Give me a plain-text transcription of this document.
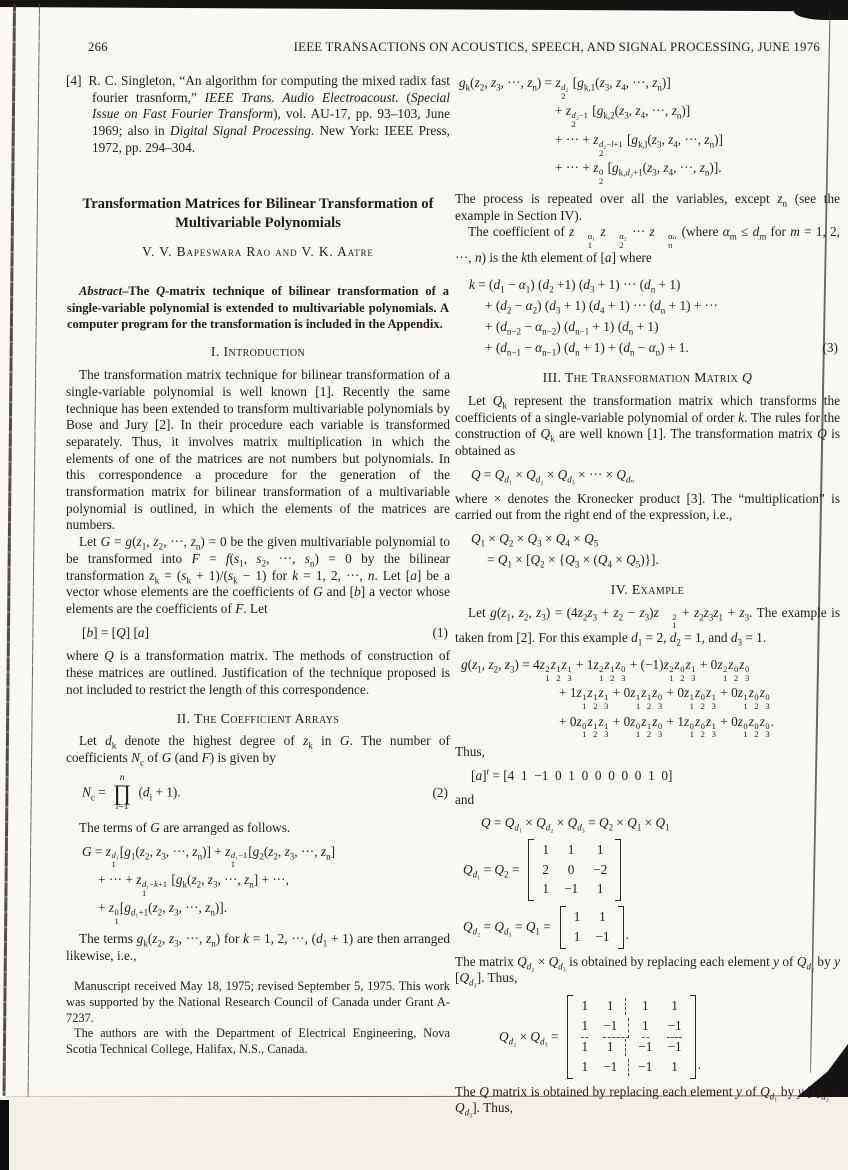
266	IEEE TRANSACTIONS ON ACOUSTICS, SPEECH, AND SIGNAL PROCESSING, JUNE 1976

[4] R. C. Singleton, “An algorithm for computing the mixed radix fast fourier trasnform,” IEEE Trans. Audio Electroacoust. (Special Issue on Fast Fourier Transform), vol. AU-17, pp. 93–103, June 1969; also in Digital Signal Processing. New York: IEEE Press, 1972, pp. 294–304.

Transformation Matrices for Bilinear Transformation of Multivariable Polynomials
V. V. Bapeswara Rao and V. K. Aatre

Abstract–The Q-matrix technique of bilinear transformation of a single-variable polynomial is extended to multivariable polynomials. A computer program for the transformation is included in the Appendix.

I. Introduction

The transformation matrix technique for bilinear transformation of a single-variable polynomial is well known [1]. Recently the same technique has been extended to transform multivariable polynomials by Bose and Jury [2]. In their procedure each variable is transformed separately. Thus, it involves matrix multiplication in which the elements of one of the matrices are not numbers but polynomials. In this correspondence a procedure for the generation of the transformation matrix for bilinear transformation of a multivariable polynomial is outlined, in which the elements of the matrices are numbers.

Let $G = g(z_1$, $z_2$, ···, $z_n) = 0$ be the given multivariable polynomial to be transformed into $F = f(s_1$, $s_2$, ···, $s_n) = 0$ by the bilinear transformation $z_k = (s_k + 1)/(s_k - 1)$ for k = 1, 2, ···, n. Let [a] be a vector whose elements are the coefficients of G and [b] a vector whose elements are the coefficients of F. Let

[b] = [Q] [a]	(1)

where Q is a transformation matrix. The methods of construction of these matrices are outlined. Justification of the technique proposed is not included to restrict the length of this correspondence.

II. The Coefficient Arrays

Let $d_k$ denote the highest degree of $z_k$ in G. The number of coefficients $N_c$ of G (and F) is given by

$N_c$ =
n
∏
i=1
$(d_i + 1)$.	(2)

The terms of G are arranged as follows.

G = z d₁
1
[$g_1(z_2$, $z_3$, ···, $z_n)] + z$ d₁−1
1
[$g_2(z_2$, $z_3$, ···, $z_n$]
+ ··· + z d₁−k+1
1
[$g_k(z_2$, $z_3$, ···, $z_n$] + ···,
+ z 0
1
[$g_{d_1+1}(z_2$, $z_3$, ···, $z_n$)].

The terms $g_k(z_2$, $z_3$, ···, $z_n$) for k = 1, 2, ···, $(d_1 + 1)$ are then arranged likewise, i.e.,

Manuscript received May 18, 1975; revised September 5, 1975. This work was supported by the National Research Council of Canada under Grant A-7237.

The authors are with the Department of Electrical Engineering, Nova Scotia Technical College, Halifax, N.S., Canada.

$g_k(z_2$, $z_3$, ···, $z_n) = z$ d₂
2
[$g_{k,1}(z_3$, $z_4$, ···, $z_n$)]
+ z d₂−1
2
[$g_{k,2}(z_3$, $z_4$, ···, $z_n$)]
+ ··· + z d₂−l+1
2
[$g_{k,l}(z_3$, $z_4$, ···, $z_n$)]
+ ··· + z 0
2
[$g_{k,d_2+1}(z_3$, $z_4$, ···, $z_n$)].

The process is repeated over all the variables, except $z_n$ (see the example in Section IV).

The coefficient of z	α₁
1
z	α₂
2
··· z	αₙ
n
(where $\alpha_m \le d_m$ for m = 1, 2, ···, n) is the kth element of [a] where

$k = (d_1 - \alpha_1)$ $(d_2 +1) (d_3 + 1)$ ··· $(d_n + 1)$
+ $(d_2 - \alpha_2) (d_3 + 1) (d_4 + 1)$ ··· $(d_n + 1)$ + ···
+ $(d_{n-2} - \alpha_{n-2}) (d_{n-1} + 1) (d_n + 1)$
+ $(d_{n-1} - \alpha_{n-1}) (d_n + 1) + (d_n - \alpha_n) + 1$.	(3)
III. The Transformation Matrix Q

Let $Q_k$ represent the transformation matrix which transforms the coefficients of a single-variable polynomial of order k. The rules for the construction of $Q_k$ are well known [1]. The transformation matrix Q is obtained as

$Q = Q_{d_1} \times Q_{d_2} \times Q_{d_3}$ × ··· × $Q_{d_n}$

where × denotes the Kronecker product [3]. The “multiplication” is carried out from the right end of the expression, i.e.,

$Q_1 \times Q_2 \times Q_3 \times Q_4 \times Q_5$
= $Q_1 \times [Q_2 \times \{Q_3 \times (Q_4 \times Q_5)\}]$.
IV. Example

Let $g(z_1$, $z_2$, $z_3) = (4z_2z_3 + z_2 - z_3)z$	2
1
+ $z_2z_3z_1 + z_3$. The example is taken from [2]. For this example $d_1 = 2$, $d_2 = 1$, and $d_3 = 1$.

$g(z_1$, $z_2$, $z_3) = 4z$ 2
1
z 1
2
z 1
3
+ 1z 2
1
z 1
2
z 0
3
+ (−1)z 2
1
z 0
2
z 1
3
+ 0z 2
1
z 0
2
z 0
3
+ 1z 1
1
z 1
2
z 1
3
+ 0z 1
1
z 1
2
z 0
3
+ 0z 1
1
z 0
2
z 1
3
+ 0z 1
1
z 0
2
z 0
3
+ 0z 0
1
z 1
2
z 1
3
+ 0z 0
1
z 1
2
z 0
3
+ 1z 0
1
z 0
2
z 1
3
+ 0z 0
1
z 0
2
z 0
3
.

Thus,

$[a]^t = [4$  1  −1  0  1  0  0  0  0  0  1  0]

and

$Q = Q_{d_1} \times Q_{d_2} \times Q_{d_3} = Q_2 \times Q_1 \times Q_1$
$Q_{d_1} = Q_2$ =
1 1 1
2 0 −2
1 −1 1
$Q_{d_2} = Q_{d_3} = Q_1$ =
1 1
1 −1 .

The matrix $Q_{d_2} \times Q_{d_3}$ is obtained by replacing each element y of $Q_{d_2}$ by y $[Q_{d_3}]$. Thus,

$Q_{d_2} \times Q_{d_3}$ =
1 1	1 1
1 −1	1 −1
1 1	−1 −1
1 −1	−1 1 .

The Q matrix is obtained by replacing each element y of $Q_{d_1}$ by y $[Q_{d_2} \times Q_{d_3}]$. Thus,
